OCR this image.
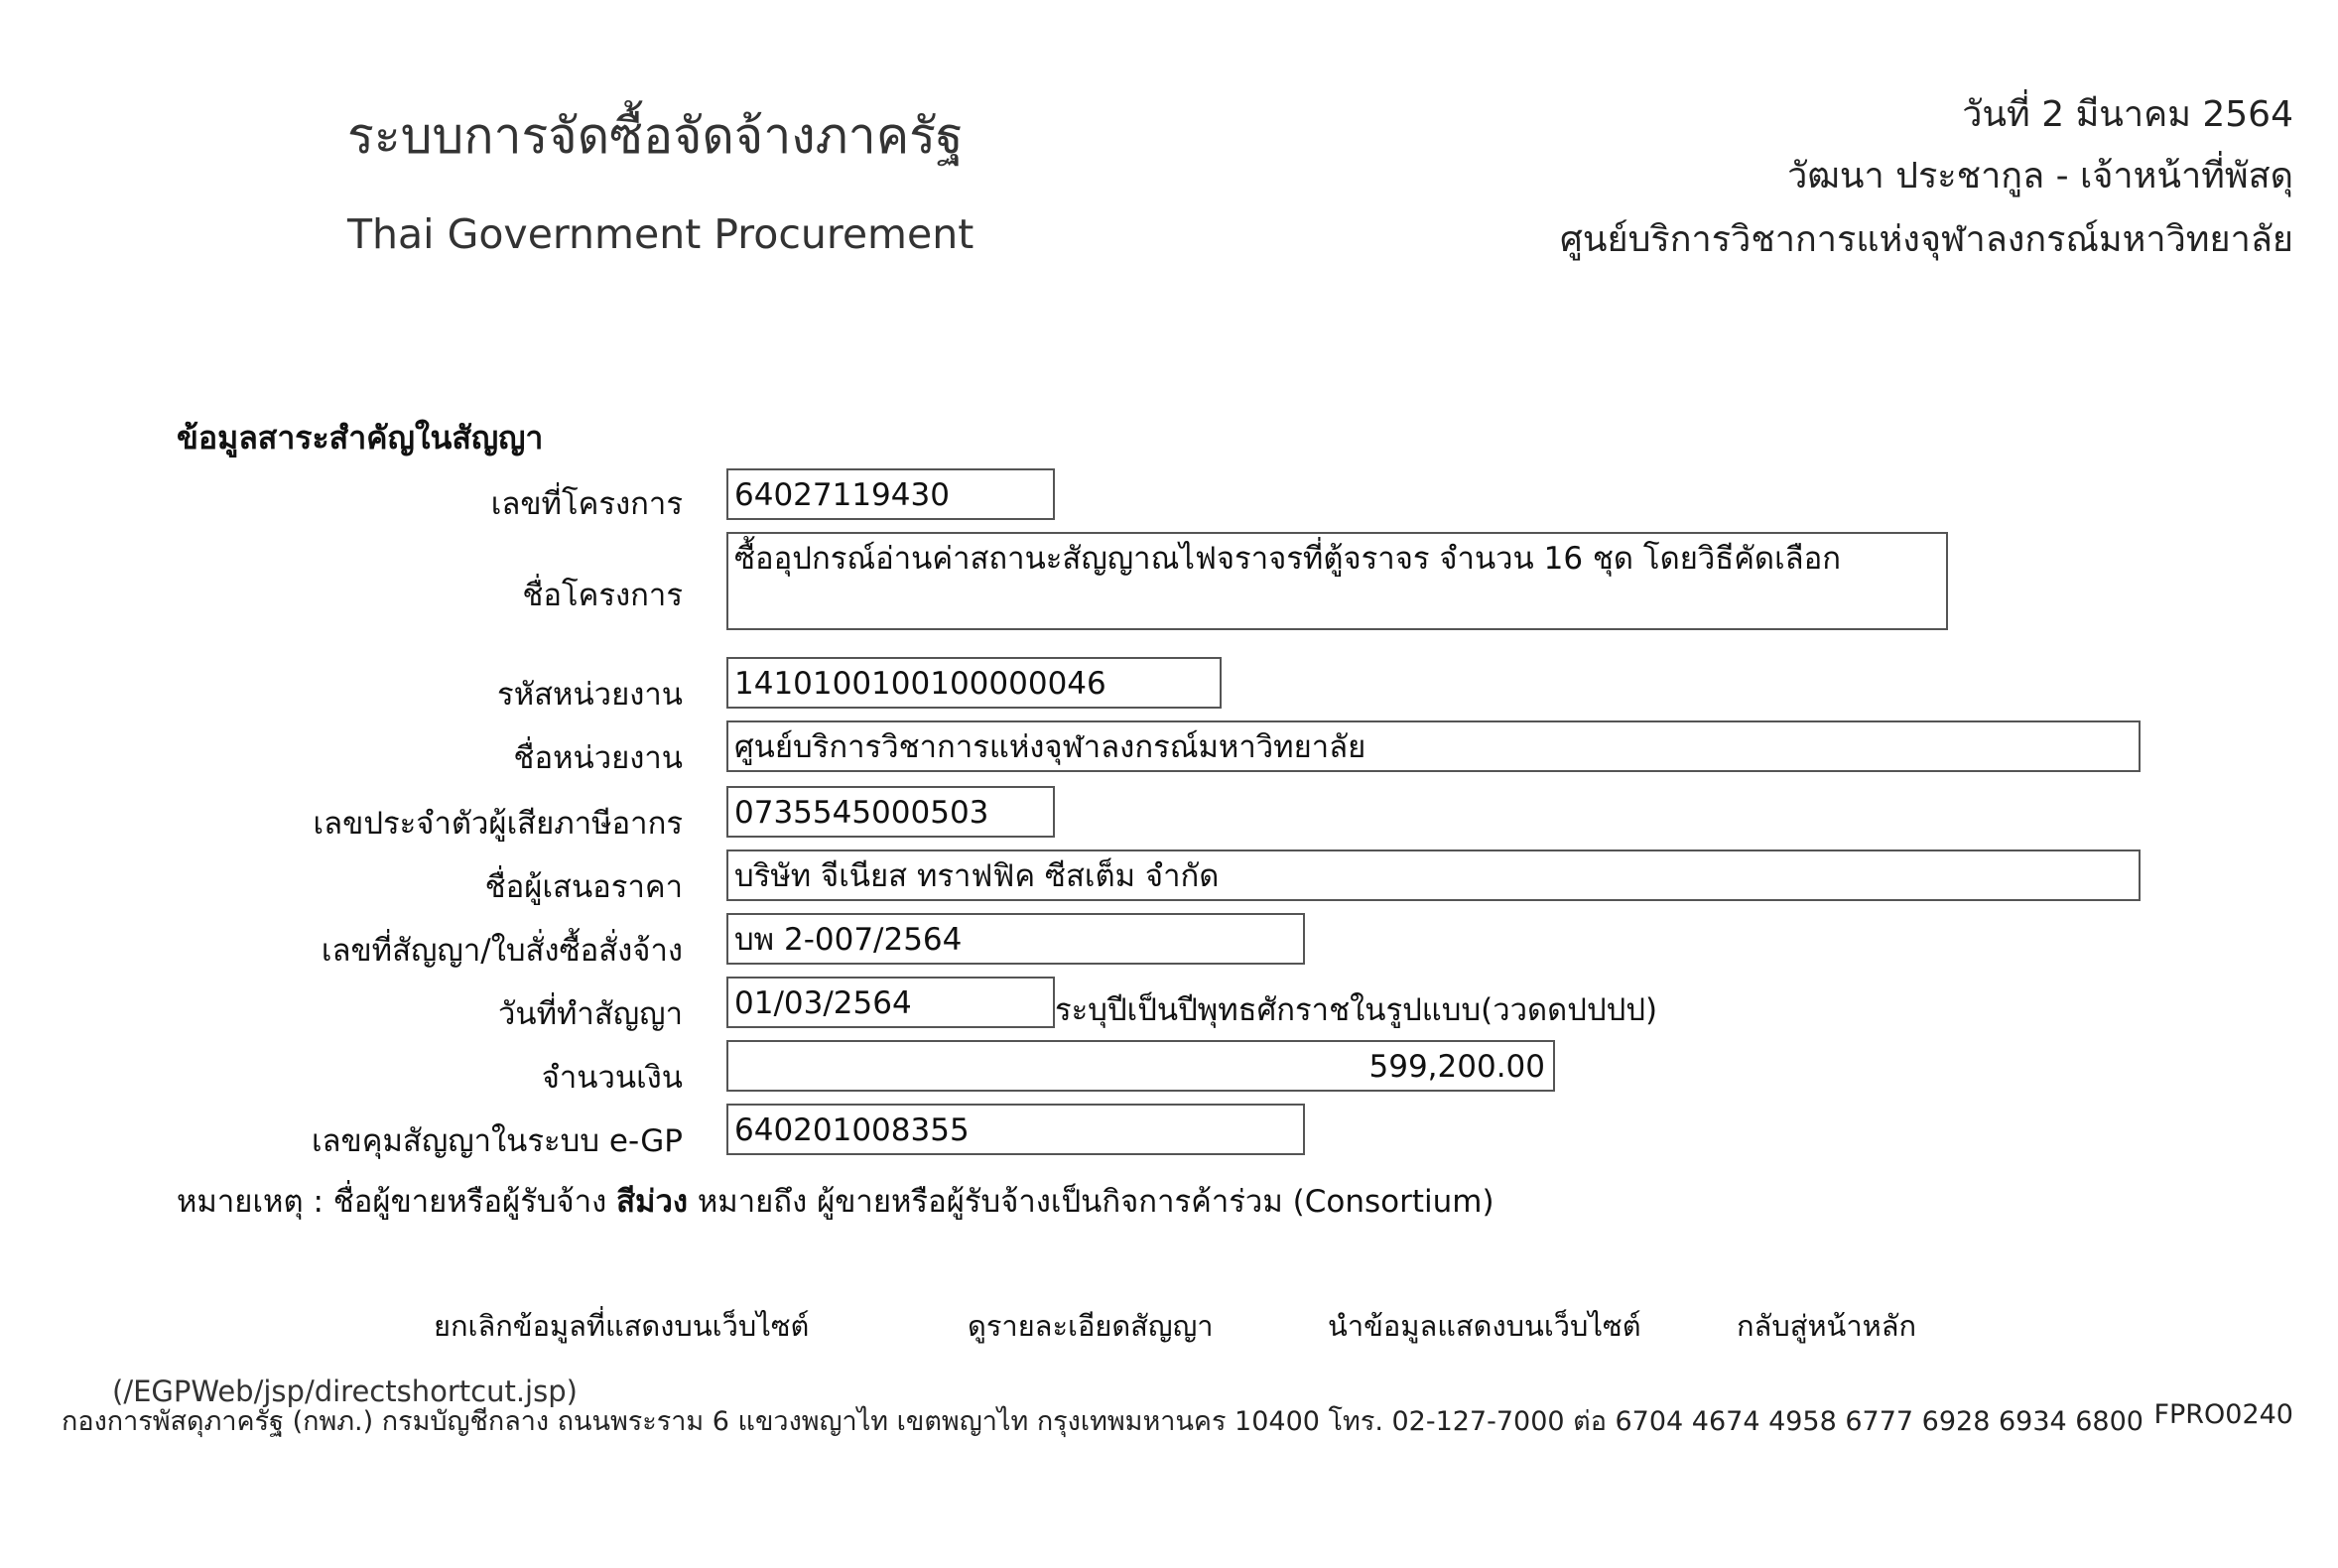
ระบบการจัดซื้อจัดจ้างภาครัฐ
Thai Government Procurement
วันที่ 2 มีนาคม 2564
วัฒนา ประชากูล - เจ้าหน้าที่พัสดุ
ศูนย์บริการวิชาการแห่งจุฬาลงกรณ์มหาวิทยาลัย
ข้อมูลสาระสำคัญในสัญญา
เลขที่โครงการ 64027119430
ชื่อโครงการ
ซื้ออุปกรณ์อ่านค่าสถานะสัญญาณไฟจราจรที่ตู้จราจร จำนวน 16 ชุด โดยวิธีคัดเลือก
รหัสหน่วยงาน 1410100100100000046
ชื่อหน่วยงาน ศูนย์บริการวิชาการแห่งจุฬาลงกรณ์มหาวิทยาลัย
เลขประจำตัวผู้เสียภาษีอากร 0735545000503
ชื่อผู้เสนอราคา บริษัท จีเนียส ทราฟฟิค ซีสเต็ม จำกัด
เลขที่สัญญา/ใบสั่งซื้อสั่งจ้าง บพ 2-007/2564
วันที่ทำสัญญา 01/03/2564	ระบุปีเป็นปีพุทธศักราชในรูปแบบ(ววดดปปปป)
จำนวนเงิน	599,200.00
เลขคุมสัญญาในระบบ e-GP 640201008355
หมายเหตุ : ชื่อผู้ขายหรือผู้รับจ้าง สีม่วง หมายถึง ผู้ขายหรือผู้รับจ้างเป็นกิจการค้าร่วม (Consortium)
ยกเลิกข้อมูลที่แสดงบนเว็บไซต์	ดูรายละเอียดสัญญา	นำข้อมูลแสดงบนเว็บไซต์	กลับสู่หน้าหลัก
(/EGPWeb/jsp/directshortcut.jsp)
กองการพัสดุภาครัฐ (กพภ.) กรมบัญชีกลาง ถนนพระราม 6 แขวงพญาไท เขตพญาไท กรุงเทพมหานคร 10400 โทร. 02-127-7000 ต่อ 6704 4674 4958 6777 6928 6934 6800 FPRO0240
